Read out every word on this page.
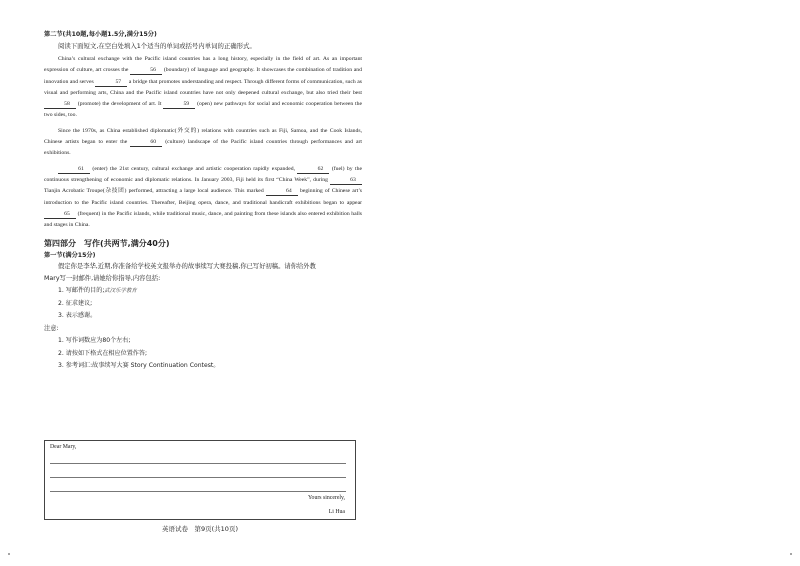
第二节(共10题,每小题1.5分,满分15分)
阅读下面短文,在空白处填入1个适当的单词或括号内单词的正确形式。

China’s cultural exchange with the Pacific island countries has a long history, especially in the field of art. As an important expression of culture, art crosses the	56 (boundary) of language and geography. It showcases the combination of tradition and innovation and serves	57 a bridge that promotes understanding and respect. Through different forms of communication, such as visual and performing arts, China and the Pacific island countries have not only deepened cultural exchange, but also tried their best 58 (promote) the development of art. It	59 (open) new pathways for social and economic cooperation between the two sides, too.

Since the 1970s, as China established diplomatic(外交的) relations with countries such as Fiji, Samoa, and the Cook Islands, Chinese artists began to enter the	60 (culture) landscape of the Pacific island countries through performances and art exhibitions.

61 (enter) the 21st century, cultural exchange and artistic cooperation rapidly expanded,	62 (fuel) by the continuous strengthening of economic and diplomatic relations. In January 2003, Fiji held its first “China Week”, during	63 Tianjin Acrobatic Troupe(杂技团) performed, attracting a large local audience. This marked	64 beginning of Chinese art’s introduction to the Pacific island countries. Thereafter, Beijing opera, dance, and traditional handicraft exhibitions began to appear 65 (frequent) in the Pacific islands, while traditional music, dance, and painting from these islands also entered exhibition halls and stages in China.

第四部分　写作(共两节,满分40分)
第一节(满分15分)
假定你是李华,近期,你准备给学校英文报举办的故事续写大赛投稿,你已写好初稿。请你给外教
Mary写一封邮件,请她给你指导,内容包括:
1. 写邮件的目的;武汉乐学教育
2. 征求建议;
3. 表示感谢。
注意:
1. 写作词数应为80个左右;
2. 请按如下格式在相应位置作答;
3. 参考词汇:故事续写大赛 Story Continuation Contest。
Dear Mary,
Yours sincerely,
Li Hua
英语试卷　第9页(共10页)
